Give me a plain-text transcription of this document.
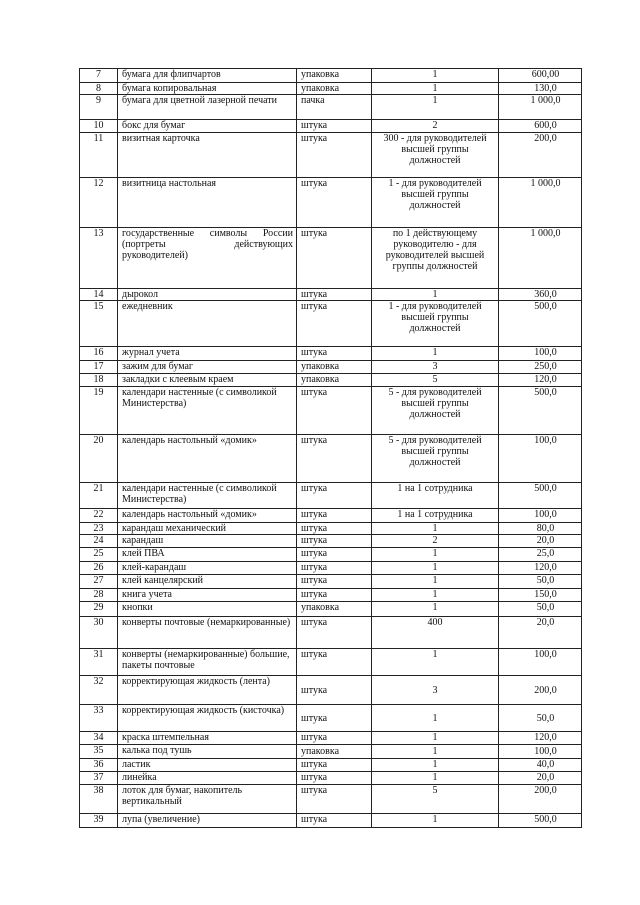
7	бумага для флипчартов	упаковка	1	600,00
8	бумага копировальная	упаковка	1	130,0
9	бумага для цветной лазерной печати	пачка	1	1 000,0
10	бокс для бумаг	штука	2	600,0
11	визитная карточка	штука	300 - для руководителей высшей группы должностей	200,0
12	визитница настольная	штука	1 - для руководителей высшей группы должностей	1 000,0
13	государственные символы России (портреты действующих руководителей)	штука	по 1 действующему руководителю - для руководителей высшей группы должностей	1 000,0
14	дырокол	штука	1	360,0
15	ежедневник	штука	1 - для руководителей высшей группы должностей	500,0
16	журнал учета	штука	1	100,0
17	зажим для бумаг	упаковка	3	250,0
18	закладки с клеевым краем	упаковка	5	120,0
19	календари настенные (с символикой Министерства)	штука	5 - для руководителей высшей группы должностей	500,0
20	календарь настольный «домик»	штука	5 - для руководителей высшей группы должностей	100,0
21	календари настенные (с символикой Министерства)	штука	1 на 1 сотрудника	500,0
22	календарь настольный «домик»	штука	1 на 1 сотрудника	100,0
23	карандаш механический	штука	1	80,0
24	карандаш	штука	2	20,0
25	клей ПВА	штука	1	25,0
26	клей-карандаш	штука	1	120,0
27	клей канцелярский	штука	1	50,0
28	книга учета	штука	1	150,0
29	кнопки	упаковка	1	50,0
30	конверты почтовые (немаркированные)	штука	400	20,0
31	конверты (немаркированные) большие, пакеты почтовые	штука	1	100,0
32	корректирующая жидкость (лента)	штука	3	200,0
33	корректирующая жидкость (кисточка)	штука	1	50,0
34	краска штемпельная	штука	1	120,0
35	калька под тушь	упаковка	1	100,0
36	ластик	штука	1	40,0
37	линейка	штука	1	20,0
38	лоток для бумаг, накопитель вертикальный	штука	5	200,0
39	лупа (увеличение)	штука	1	500,0
